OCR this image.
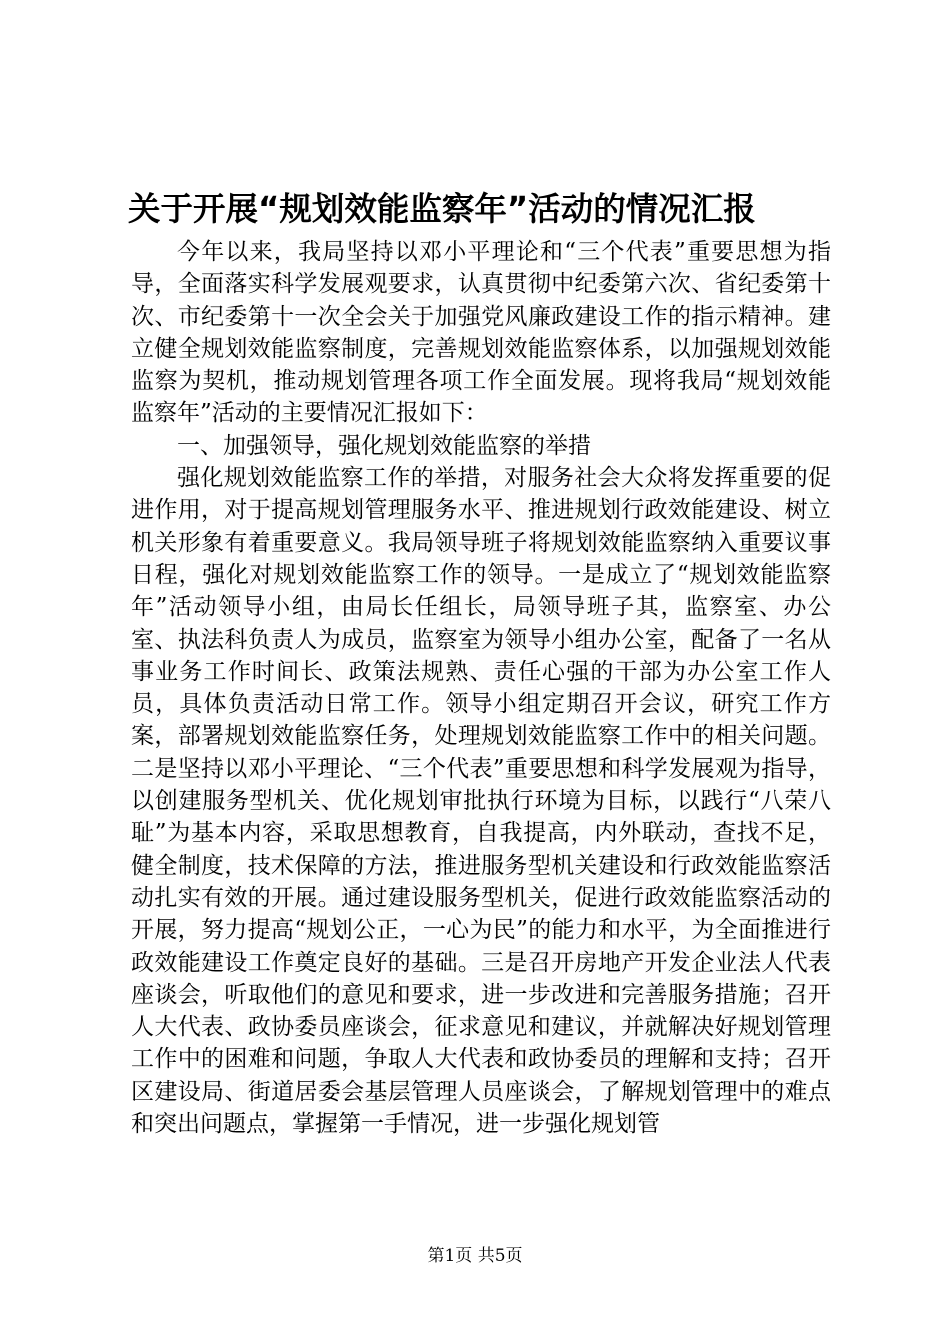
关于开展“规划效能监察年”活动的情况汇报

今年以来，我局坚持以邓小平理论和“三个代表”重要思想为指导，全面落实科学发展观要求，认真贯彻中纪委第六次、省纪委第十次、市纪委第十一次全会关于加强党风廉政建设工作的指示精神。建立健全规划效能监察制度，完善规划效能监察体系，以加强规划效能监察为契机，推动规划管理各项工作全面发展。现将我局“规划效能监察年”活动的主要情况汇报如下：

一、加强领导，强化规划效能监察的举措

强化规划效能监察工作的举措，对服务社会大众将发挥重要的促进作用，对于提高规划管理服务水平、推进规划行政效能建设、树立机关形象有着重要意义。我局领导班子将规划效能监察纳入重要议事日程，强化对规划效能监察工作的领导。一是成立了“规划效能监察年”活动领导小组，由局长任组长，局领导班子其，监察室、办公室、执法科负责人为成员，监察室为领导小组办公室，配备了一名从事业务工作时间长、政策法规熟、责任心强的干部为办公室工作人员，具体负责活动日常工作。领导小组定期召开会议，研究工作方案，部署规划效能监察任务，处理规划效能监察工作中的相关问题。二是坚持以邓小平理论、“三个代表”重要思想和科学发展观为指导，以创建服务型机关、优化规划审批执行环境为目标，以践行“八荣八耻”为基本内容，采取思想教育，自我提高，内外联动，查找不足，健全制度，技术保障的方法，推进服务型机关建设和行政效能监察活动扎实有效的开展。通过建设服务型机关，促进行政效能监察活动的开展，努力提高“规划公正，一心为民”的能力和水平，为全面推进行政效能建设工作奠定良好的基础。三是召开房地产开发企业法人代表座谈会，听取他们的意见和要求，进一步改进和完善服务措施；召开人大代表、政协委员座谈会，征求意见和建议，并就解决好规划管理工作中的困难和问题，争取人大代表和政协委员的理解和支持；召开区建设局、街道居委会基层管理人员座谈会，了解规划管理中的难点和突出问题点，掌握第一手情况，进一步强化规划管

第1页 共5页
